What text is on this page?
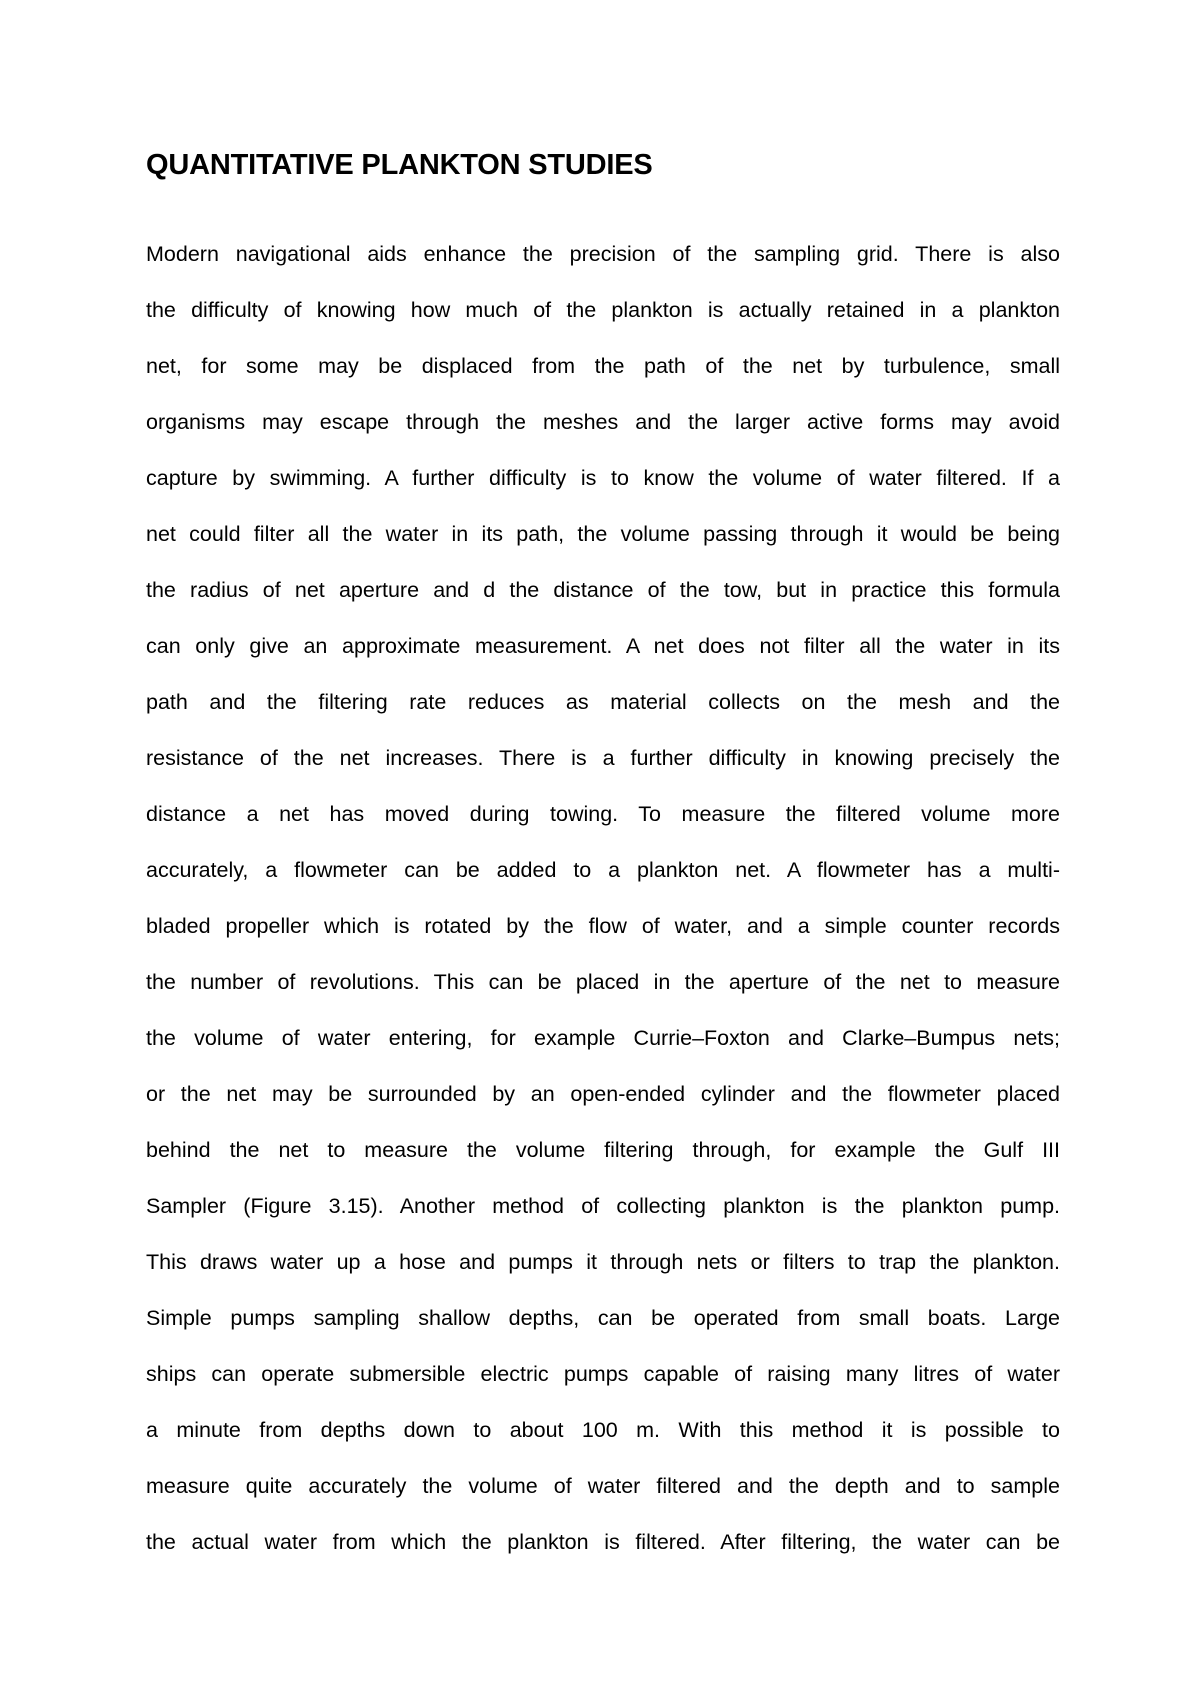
QUANTITATIVE PLANKTON STUDIES
Modern navigational aids enhance the precision of the sampling grid. There is also
the difficulty of knowing how much of the plankton is actually retained in a plankton
net, for some may be displaced from the path of the net by turbulence, small
organisms may escape through the meshes and the larger active forms may avoid
capture by swimming. A further difficulty is to know the volume of water filtered. If a
net could filter all the water in its path, the volume passing through it would be being
the radius of net aperture and d the distance of the tow, but in practice this formula
can only give an approximate measurement. A net does not filter all the water in its
path and the filtering rate reduces as material collects on the mesh and the
resistance of the net increases. There is a further difficulty in knowing precisely the
distance a net has moved during towing. To measure the filtered volume more
accurately, a flowmeter can be added to a plankton net. A flowmeter has a multi-
bladed propeller which is rotated by the flow of water, and a simple counter records
the number of revolutions. This can be placed in the aperture of the net to measure
the volume of water entering, for example Currie–Foxton and Clarke–Bumpus nets;
or the net may be surrounded by an open-ended cylinder and the flowmeter placed
behind the net to measure the volume filtering through, for example the Gulf III
Sampler (Figure 3.15). Another method of collecting plankton is the plankton pump.
This draws water up a hose and pumps it through nets or filters to trap the plankton.
Simple pumps sampling shallow depths, can be operated from small boats. Large
ships can operate submersible electric pumps capable of raising many litres of water
a minute from depths down to about 100 m. With this method it is possible to
measure quite accurately the volume of water filtered and the depth and to sample
the actual water from which the plankton is filtered. After filtering, the water can be
